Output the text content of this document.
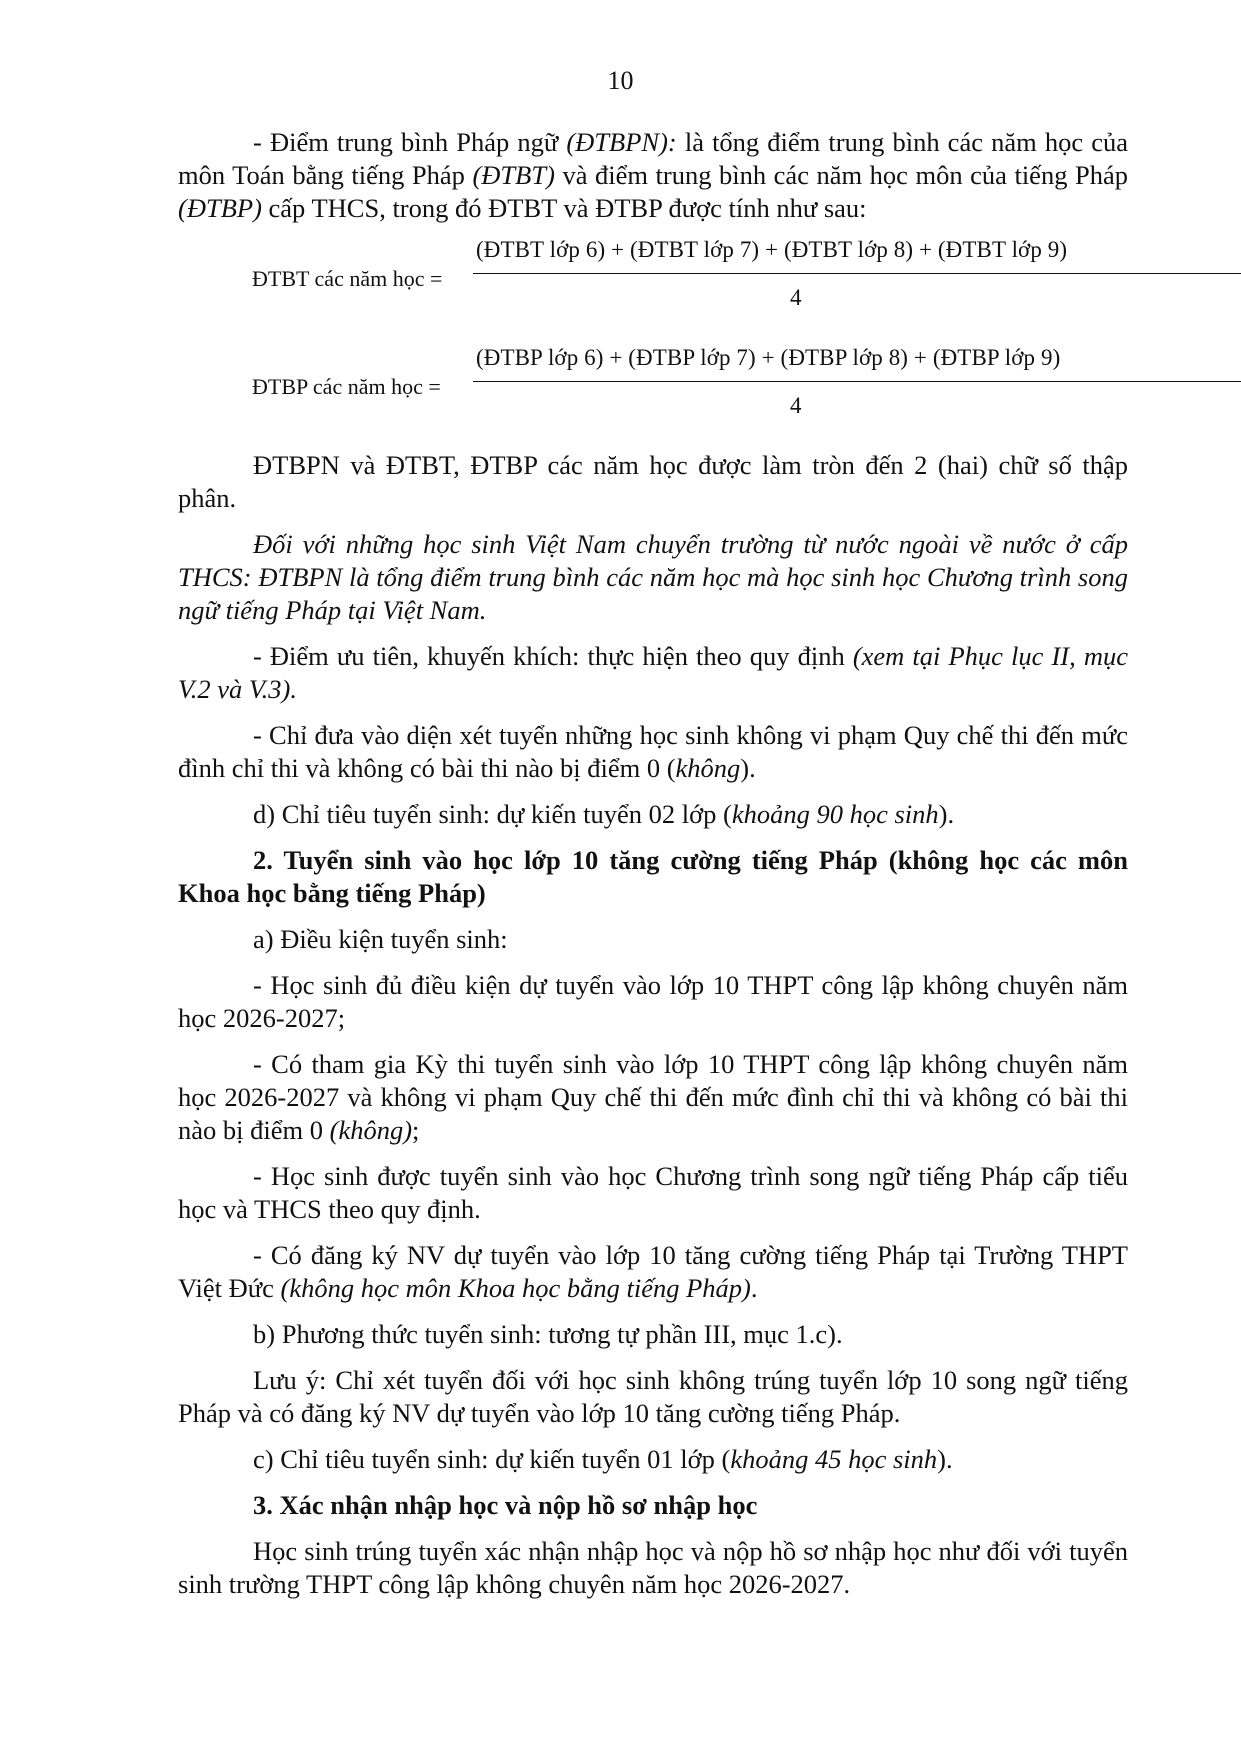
10

- Điểm trung bình Pháp ngữ (ĐTBPN): là tổng điểm trung bình các năm học của môn Toán bằng tiếng Pháp (ĐTBT) và điểm trung bình các năm học môn của tiếng Pháp (ĐTBP) cấp THCS, trong đó ĐTBT và ĐTBP được tính như sau:

(ĐTBT lớp 6) + (ĐTBT lớp 7) + (ĐTBT lớp 8) + (ĐTBT lớp 9)
ĐTBT các năm học =
4
(ĐTBP lớp 6) + (ĐTBP lớp 7) + (ĐTBP lớp 8) + (ĐTBP lớp 9)
ĐTBP các năm học =
4

ĐTBPN và ĐTBT, ĐTBP các năm học được làm tròn đến 2 (hai) chữ số thập phân.

Đối với những học sinh Việt Nam chuyển trường từ nước ngoài về nước ở cấp THCS: ĐTBPN là tổng điểm trung bình các năm học mà học sinh học Chương trình song ngữ tiếng Pháp tại Việt Nam.

- Điểm ưu tiên, khuyến khích: thực hiện theo quy định (xem tại Phục lục II, mục V.2 và V.3).

- Chỉ đưa vào diện xét tuyển những học sinh không vi phạm Quy chế thi đến mức đình chỉ thi và không có bài thi nào bị điểm 0 (không).

d) Chỉ tiêu tuyển sinh: dự kiến tuyển 02 lớp (khoảng 90 học sinh).

2. Tuyển sinh vào học lớp 10 tăng cường tiếng Pháp (không học các môn Khoa học bằng tiếng Pháp)

a) Điều kiện tuyển sinh:

- Học sinh đủ điều kiện dự tuyển vào lớp 10 THPT công lập không chuyên năm học 2026-2027;

- Có tham gia Kỳ thi tuyển sinh vào lớp 10 THPT công lập không chuyên năm học 2026-2027 và không vi phạm Quy chế thi đến mức đình chỉ thi và không có bài thi nào bị điểm 0 (không);

- Học sinh được tuyển sinh vào học Chương trình song ngữ tiếng Pháp cấp tiểu học và THCS theo quy định.

- Có đăng ký NV dự tuyển vào lớp 10 tăng cường tiếng Pháp tại Trường THPT Việt Đức (không học môn Khoa học bằng tiếng Pháp).

b) Phương thức tuyển sinh: tương tự phần III, mục 1.c).

Lưu ý: Chỉ xét tuyển đối với học sinh không trúng tuyển lớp 10 song ngữ tiếng Pháp và có đăng ký NV dự tuyển vào lớp 10 tăng cường tiếng Pháp.

c) Chỉ tiêu tuyển sinh: dự kiến tuyển 01 lớp (khoảng 45 học sinh).

3. Xác nhận nhập học và nộp hồ sơ nhập học

Học sinh trúng tuyển xác nhận nhập học và nộp hồ sơ nhập học như đối với tuyển sinh trường THPT công lập không chuyên năm học 2026-2027.
